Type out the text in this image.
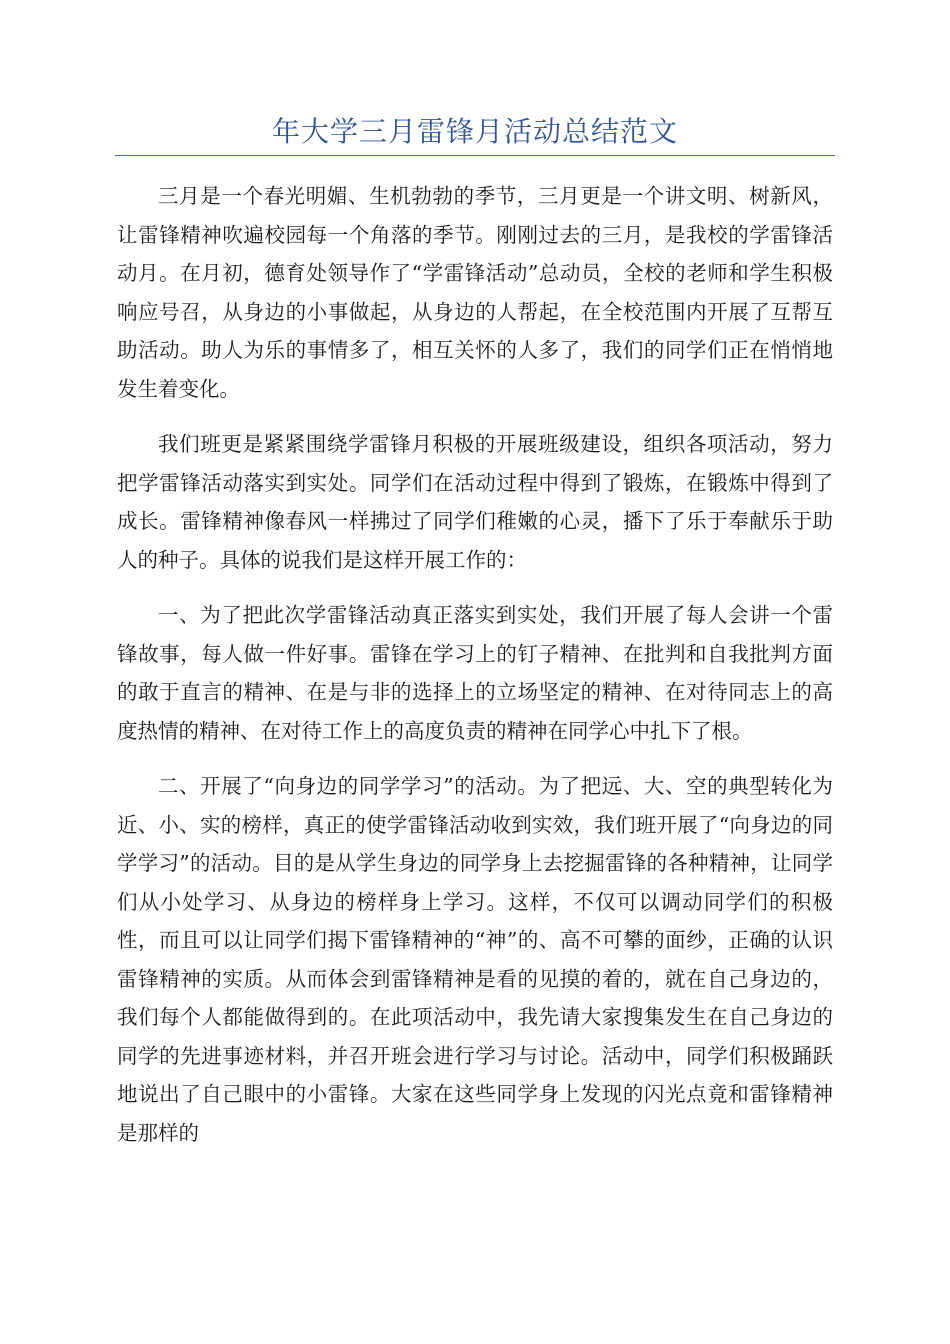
年大学三月雷锋月活动总结范文

三月是一个春光明媚、生机勃勃的季节，三月更是一个讲文明、树新风，让雷锋精神吹遍校园每一个角落的季节。刚刚过去的三月，是我校的学雷锋活动月。在月初，德育处领导作了“学雷锋活动”总动员，全校的老师和学生积极响应号召，从身边的小事做起，从身边的人帮起，在全校范围内开展了互帮互助活动。助人为乐的事情多了，相互关怀的人多了，我们的同学们正在悄悄地发生着变化。

我们班更是紧紧围绕学雷锋月积极的开展班级建设，组织各项活动，努力把学雷锋活动落实到实处。同学们在活动过程中得到了锻炼，在锻炼中得到了成长。雷锋精神像春风一样拂过了同学们稚嫩的心灵，播下了乐于奉献乐于助人的种子。具体的说我们是这样开展工作的：

一、为了把此次学雷锋活动真正落实到实处，我们开展了每人会讲一个雷锋故事，每人做一件好事。雷锋在学习上的钉子精神、在批判和自我批判方面的敢于直言的精神、在是与非的选择上的立场坚定的精神、在对待同志上的高度热情的精神、在对待工作上的高度负责的精神在同学心中扎下了根。

二、开展了“向身边的同学学习”的活动。为了把远、大、空的典型转化为近、小、实的榜样，真正的使学雷锋活动收到实效，我们班开展了“向身边的同学学习”的活动。目的是从学生身边的同学身上去挖掘雷锋的各种精神，让同学们从小处学习、从身边的榜样身上学习。这样，不仅可以调动同学们的积极性，而且可以让同学们揭下雷锋精神的“神”的、高不可攀的面纱，正确的认识雷锋精神的实质。从而体会到雷锋精神是看的见摸的着的，就在自己身边的，我们每个人都能做得到的。在此项活动中，我先请大家搜集发生在自己身边的同学的先进事迹材料，并召开班会进行学习与讨论。活动中，同学们积极踊跃地说出了自己眼中的小雷锋。大家在这些同学身上发现的闪光点竟和雷锋精神是那样的
